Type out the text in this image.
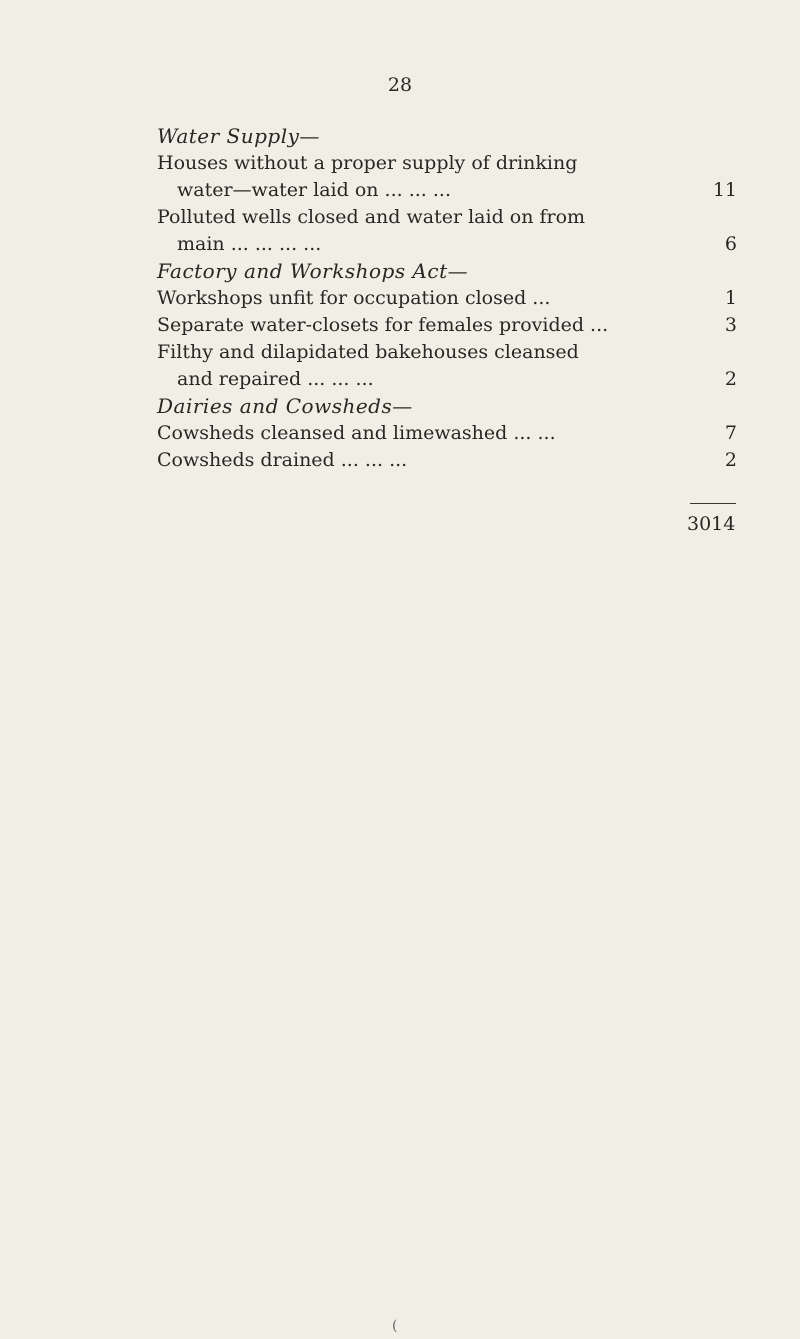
28
Water Supply—
Houses without a proper supply of drinking
water—water laid on ... ... ...	11
Polluted wells closed and water laid on from
main ... ... ... ...	6
Factory and Workshops Act—
Workshops unfit for occupation closed ...	1
Separate water-closets for females provided ...	3
Filthy and dilapidated bakehouses cleansed
and repaired ... ... ...	2
Dairies and Cowsheds—
Cowsheds cleansed and limewashed ... ...	7
Cowsheds drained ... ... ...	2
3014
(
